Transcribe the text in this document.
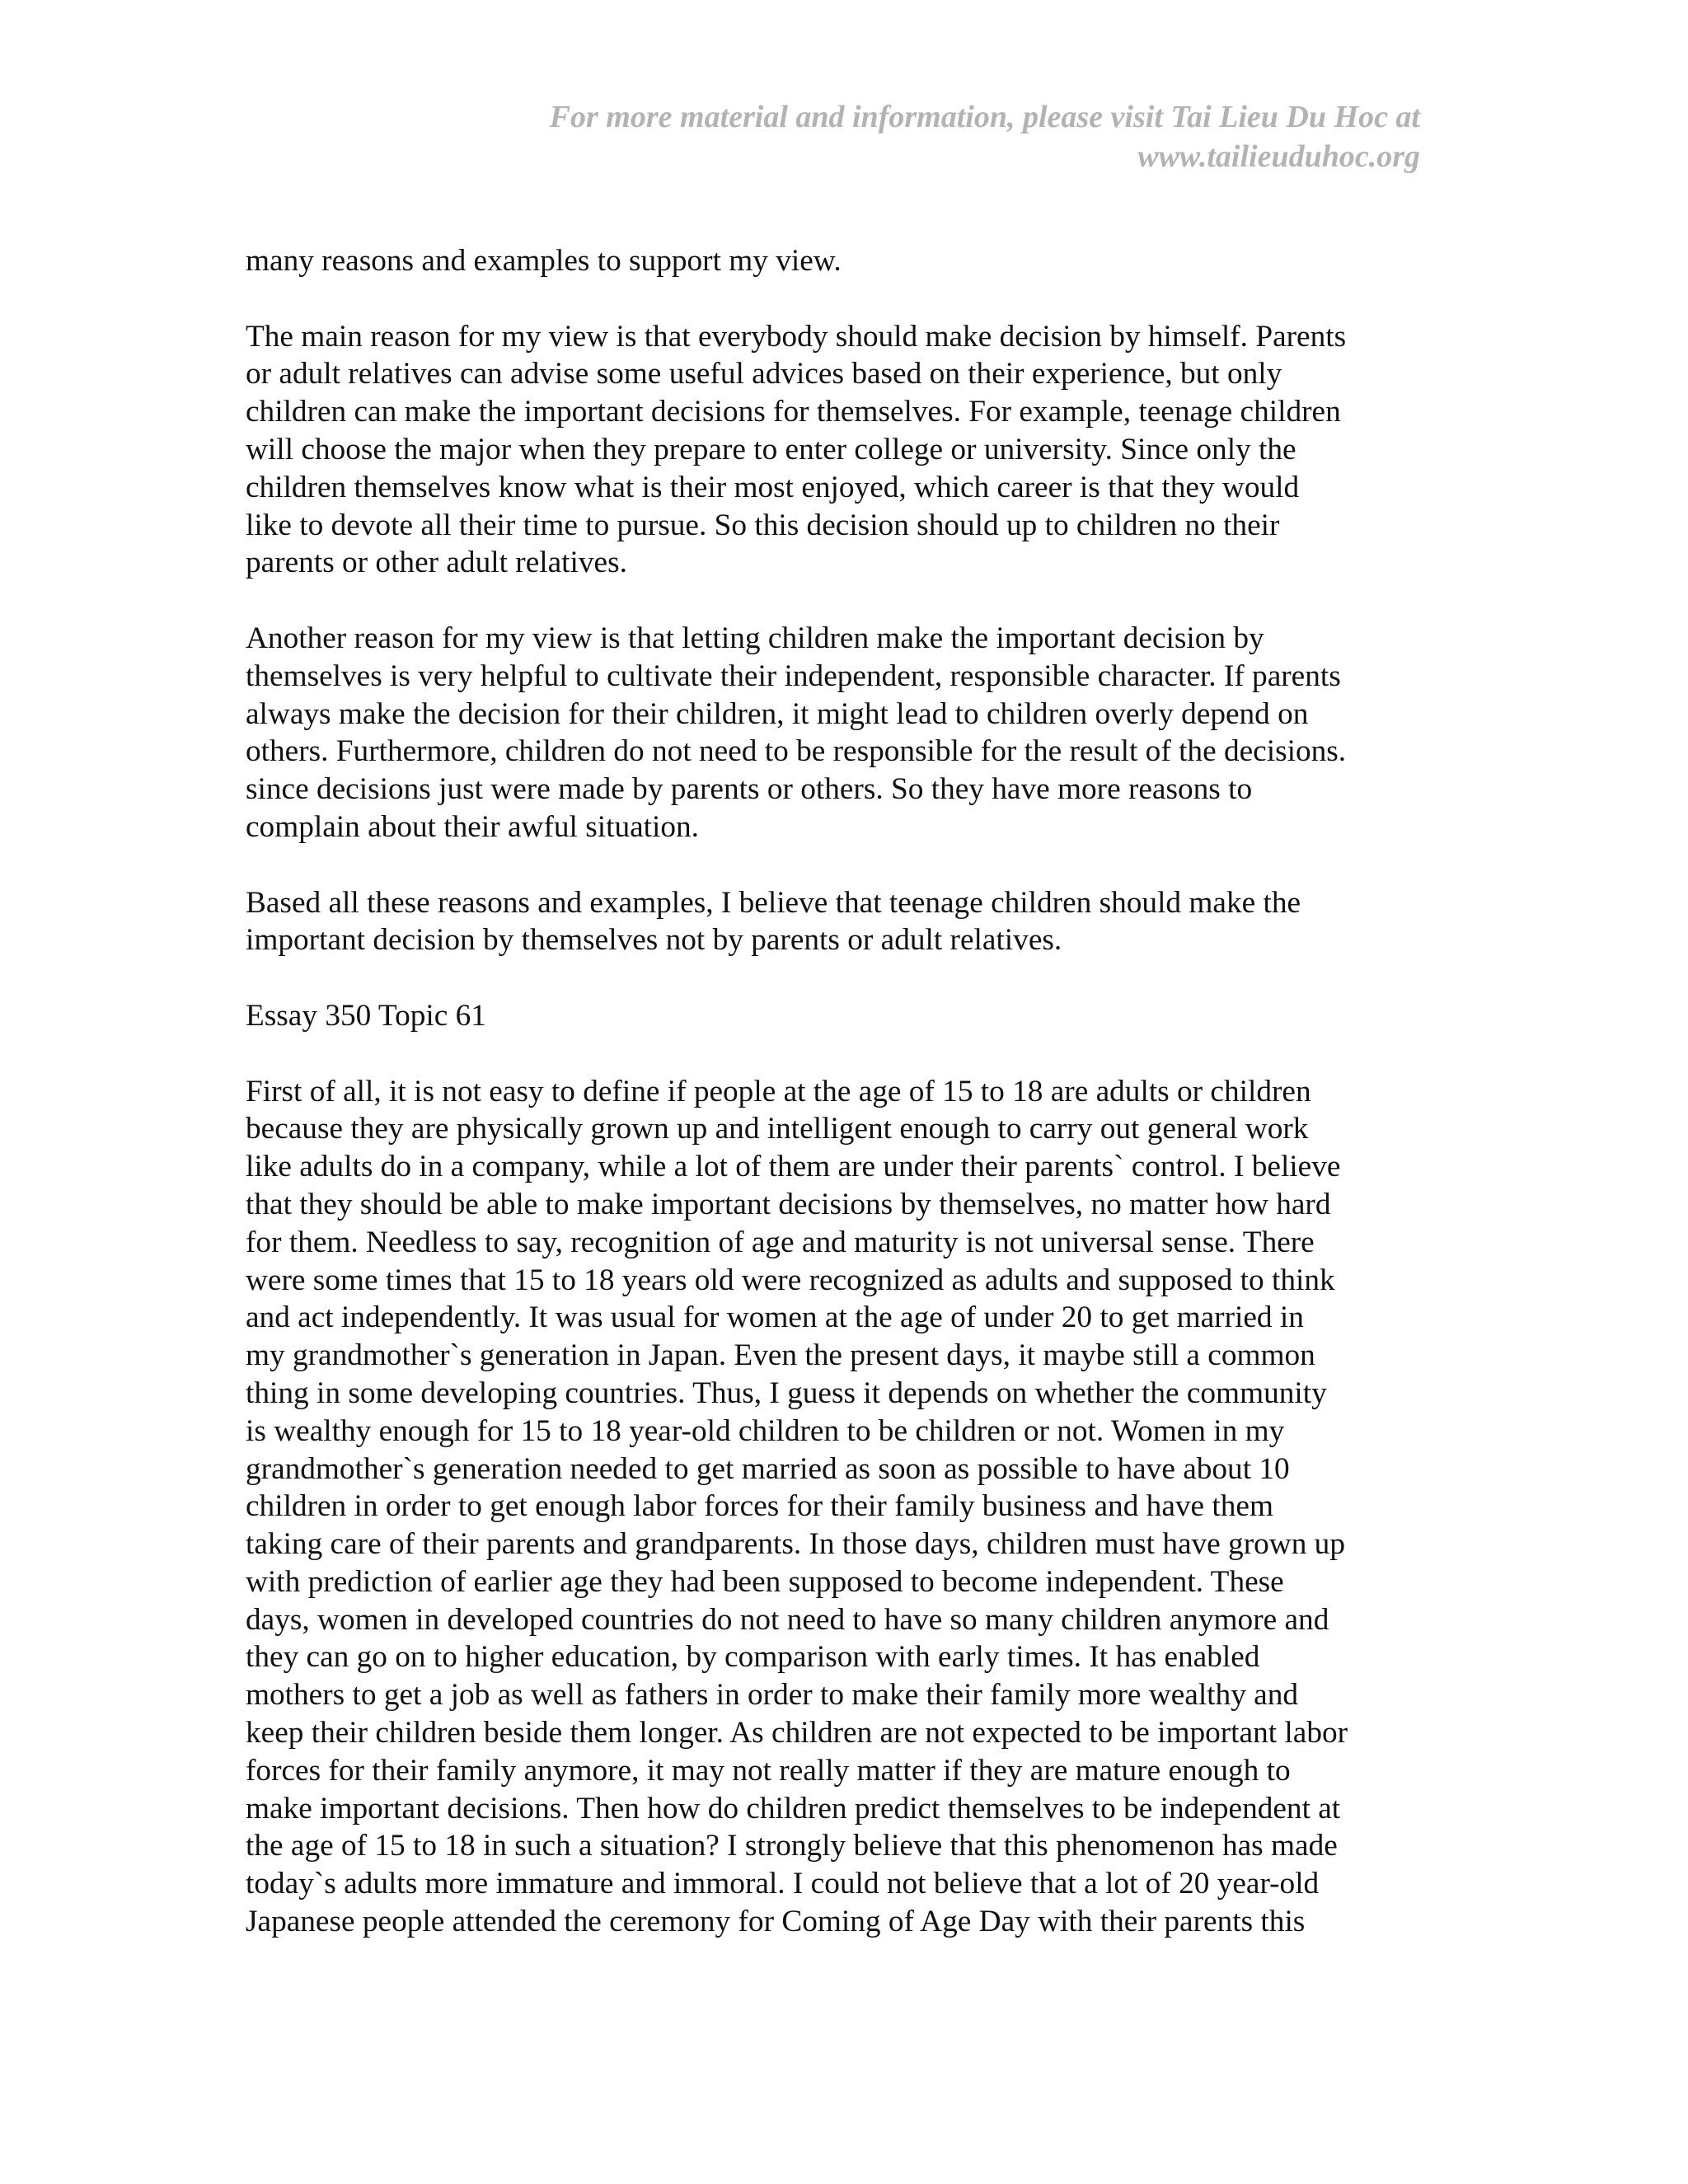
For more material and information, please visit Tai Lieu Du Hoc at
www.tailieuduhoc.org
many reasons and examples to support my view.
The main reason for my view is that everybody should make decision by himself. Parents
or adult relatives can advise some useful advices based on their experience, but only
children can make the important decisions for themselves. For example, teenage children
will choose the major when they prepare to enter college or university. Since only the
children themselves know what is their most enjoyed, which career is that they would
like to devote all their time to pursue. So this decision should up to children no their
parents or other adult relatives.
Another reason for my view is that letting children make the important decision by
themselves is very helpful to cultivate their independent, responsible character. If parents
always make the decision for their children, it might lead to children overly depend on
others. Furthermore, children do not need to be responsible for the result of the decisions.
since decisions just were made by parents or others. So they have more reasons to
complain about their awful situation.
Based all these reasons and examples, I believe that teenage children should make the
important decision by themselves not by parents or adult relatives.
Essay 350 Topic 61
First of all, it is not easy to define if people at the age of 15 to 18 are adults or children
because they are physically grown up and intelligent enough to carry out general work
like adults do in a company, while a lot of them are under their parents` control. I believe
that they should be able to make important decisions by themselves, no matter how hard
for them. Needless to say, recognition of age and maturity is not universal sense. There
were some times that 15 to 18 years old were recognized as adults and supposed to think
and act independently. It was usual for women at the age of under 20 to get married in
my grandmother`s generation in Japan. Even the present days, it maybe still a common
thing in some developing countries. Thus, I guess it depends on whether the community
is wealthy enough for 15 to 18 year-old children to be children or not. Women in my
grandmother`s generation needed to get married as soon as possible to have about 10
children in order to get enough labor forces for their family business and have them
taking care of their parents and grandparents. In those days, children must have grown up
with prediction of earlier age they had been supposed to become independent. These
days, women in developed countries do not need to have so many children anymore and
they can go on to higher education, by comparison with early times. It has enabled
mothers to get a job as well as fathers in order to make their family more wealthy and
keep their children beside them longer. As children are not expected to be important labor
forces for their family anymore, it may not really matter if they are mature enough to
make important decisions. Then how do children predict themselves to be independent at
the age of 15 to 18 in such a situation? I strongly believe that this phenomenon has made
today`s adults more immature and immoral. I could not believe that a lot of 20 year-old
Japanese people attended the ceremony for Coming of Age Day with their parents this
